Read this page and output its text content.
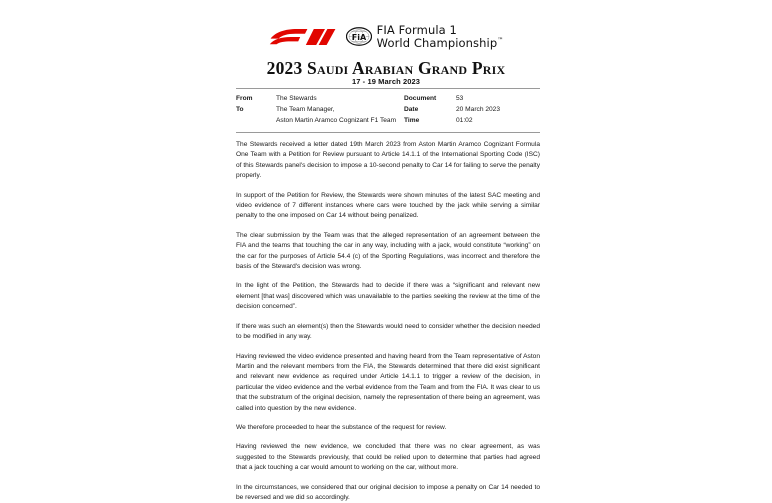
FiA
FIA Formula 1
World Championship™
2023 Saudi Arabian Grand Prix
17 - 19 March 2023
From	The Stewards	Document	53
To	The Team Manager,	Date	20 March 2023
	Aston Martin Aramco Cognizant F1 Team	Time	01:02

The Stewards received a letter dated 19th March 2023 from Aston Martin Aramco Cognizant Formula One Team with a Petition for Review pursuant to Article 14.1.1 of the International Sporting Code (ISC) of this Stewards panel's decision to impose a 10-second penalty to Car 14 for failing to serve the penalty properly.

In support of the Petition for Review, the Stewards were shown minutes of the latest SAC meeting and video evidence of 7 different instances where cars were touched by the jack while serving a similar penalty to the one imposed on Car 14 without being penalized.

The clear submission by the Team was that the alleged representation of an agreement between the FIA and the teams that touching the car in any way, including with a jack, would constitute “working” on the car for the purposes of Article 54.4 (c) of the Sporting Regulations, was incorrect and therefore the basis of the Steward's decision was wrong.

In the light of the Petition, the Stewards had to decide if there was a “significant and relevant new element [that was] discovered which was unavailable to the parties seeking the review at the time of the decision concerned”.

If there was such an element(s) then the Stewards would need to consider whether the decision needed to be modified in any way.

Having reviewed the video evidence presented and having heard from the Team representative of Aston Martin and the relevant members from the FIA, the Stewards determined that there did exist significant and relevant new evidence as required under Article 14.1.1 to trigger a review of the decision, in particular the video evidence and the verbal evidence from the Team and from the FIA. It was clear to us that the substratum of the original decision, namely the representation of there being an agreement, was called into question by the new evidence.

We therefore proceeded to hear the substance of the request for review.

Having reviewed the new evidence, we concluded that there was no clear agreement, as was suggested to the Stewards previously, that could be relied upon to determine that parties had agreed that a jack touching a car would amount to working on the car, without more.

In the circumstances, we considered that our original decision to impose a penalty on Car 14 needed to be reversed and we did so accordingly.
